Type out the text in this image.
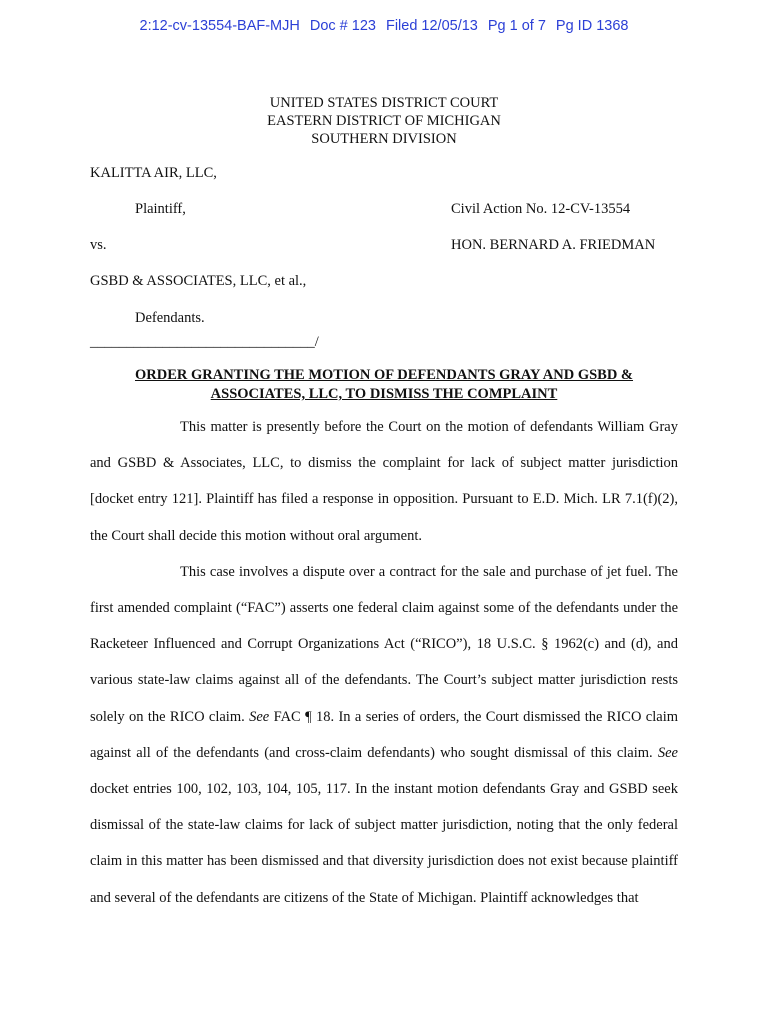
2:12-cv-13554-BAF-MJH Doc # 123 Filed 12/05/13 Pg 1 of 7 Pg ID 1368
UNITED STATES DISTRICT COURT
EASTERN DISTRICT OF MICHIGAN
SOUTHERN DIVISION
KALITTA AIR, LLC,
Plaintiff,	Civil Action No. 12-CV-13554
vs.	HON. BERNARD A. FRIEDMAN
GSBD & ASSOCIATES, LLC, et al.,
Defendants.
_______________________________/
ORDER GRANTING THE MOTION OF DEFENDANTS GRAY AND GSBD &
ASSOCIATES, LLC, TO DISMISS THE COMPLAINT

This matter is presently before the Court on the motion of defendants William Gray and GSBD & Associates, LLC, to dismiss the complaint for lack of subject matter jurisdiction [docket entry 121]. Plaintiff has filed a response in opposition. Pursuant to E.D. Mich. LR 7.1(f)(2), the Court shall decide this motion without oral argument.

This case involves a dispute over a contract for the sale and purchase of jet fuel. The first amended complaint (“FAC”) asserts one federal claim against some of the defendants under the Racketeer Influenced and Corrupt Organizations Act (“RICO”), 18 U.S.C. § 1962(c) and (d), and various state-law claims against all of the defendants. The Court’s subject matter jurisdiction rests solely on the RICO claim. See FAC ¶ 18. In a series of orders, the Court dismissed the RICO claim against all of the defendants (and cross-claim defendants) who sought dismissal of this claim. See docket entries 100, 102, 103, 104, 105, 117. In the instant motion defendants Gray and GSBD seek dismissal of the state-law claims for lack of subject matter jurisdiction, noting that the only federal claim in this matter has been dismissed and that diversity jurisdiction does not exist because plaintiff and several of the defendants are citizens of the State of Michigan. Plaintiff acknowledges that
